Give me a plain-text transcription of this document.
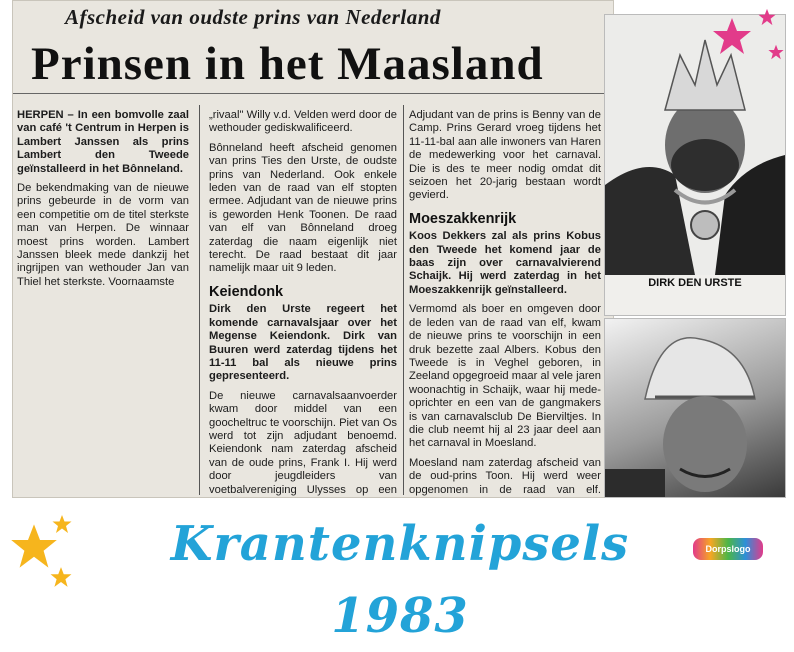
Afscheid van oudste prins van Nederland
Prinsen in het Maasland

HERPEN – In een bomvolle zaal van café 't Centrum in Herpen is Lambert Janssen als prins Lambert den Tweede geïnstalleerd in het Bônneland.

De bekendmaking van de nieuwe prins gebeurde in de vorm van een competitie om de titel sterkste man van Herpen. De winnaar moest prins worden. Lambert Janssen bleek mede dankzij het ingrijpen van wethouder Jan van Thiel het sterkste. Voornaamste

„rivaal" Willy v.d. Velden werd door de wethouder gediskwalificeerd.

Bônneland heeft afscheid genomen van prins Ties den Urste, de oudste prins van Nederland. Ook enkele leden van de raad van elf stopten ermee. Adjudant van de nieuwe prins is geworden Henk Toonen. De raad van elf van Bônneland droeg zaterdag die naam eigenlijk niet terecht. De raad bestaat dit jaar namelijk maar uit 9 leden.

Keiendonk

Dirk den Urste regeert het komende carnavalsjaar over het Megense Keiendonk. Dirk van Buuren werd zaterdag tijdens het 11-11 bal als nieuwe prins gepresenteerd.

De nieuwe carnavalsaanvoerder kwam door middel van een goocheltruc te voorschijn. Piet van Os werd tot zijn adjudant benoemd. Keiendonk nam zaterdag afscheid van de oude prins, Frank I. Hij werd door jeugdleiders van voetbalvereniging Ulysses op een

Adjudant van de prins is Benny van de Camp. Prins Gerard vroeg tijdens het 11-11-bal aan alle inwoners van Haren de medewerking voor het carnaval. Die is des te meer nodig omdat dit seizoen het 20-jarig bestaan wordt gevierd.

Moeszakkenrijk

Koos Dekkers zal als prins Kobus den Tweede het komend jaar de baas zijn over carnavalvierend Schaijk. Hij werd zaterdag in het Moeszakkenrijk geïnstalleerd.

Vermomd als boer en omgeven door de leden van de raad van elf, kwam de nieuwe prins te voorschijn in een druk bezette zaal Albers. Kobus den Tweede is in Veghel geboren, in Zeeland opgegroeid maar al vele jaren woonachtig in Schaijk, waar hij mede-oprichter en een van de gangmakers is van carnavalsclub De Bierviltjes. In die club neemt hij al 23 jaar deel aan het carnaval in Moesland.

Moesland nam zaterdag afscheid van de oud-prins Toon. Hij werd weer opgenomen in de raad van elf.

DIRK DEN URSTE
Krantenknipsels 1983
Dorpslogo
